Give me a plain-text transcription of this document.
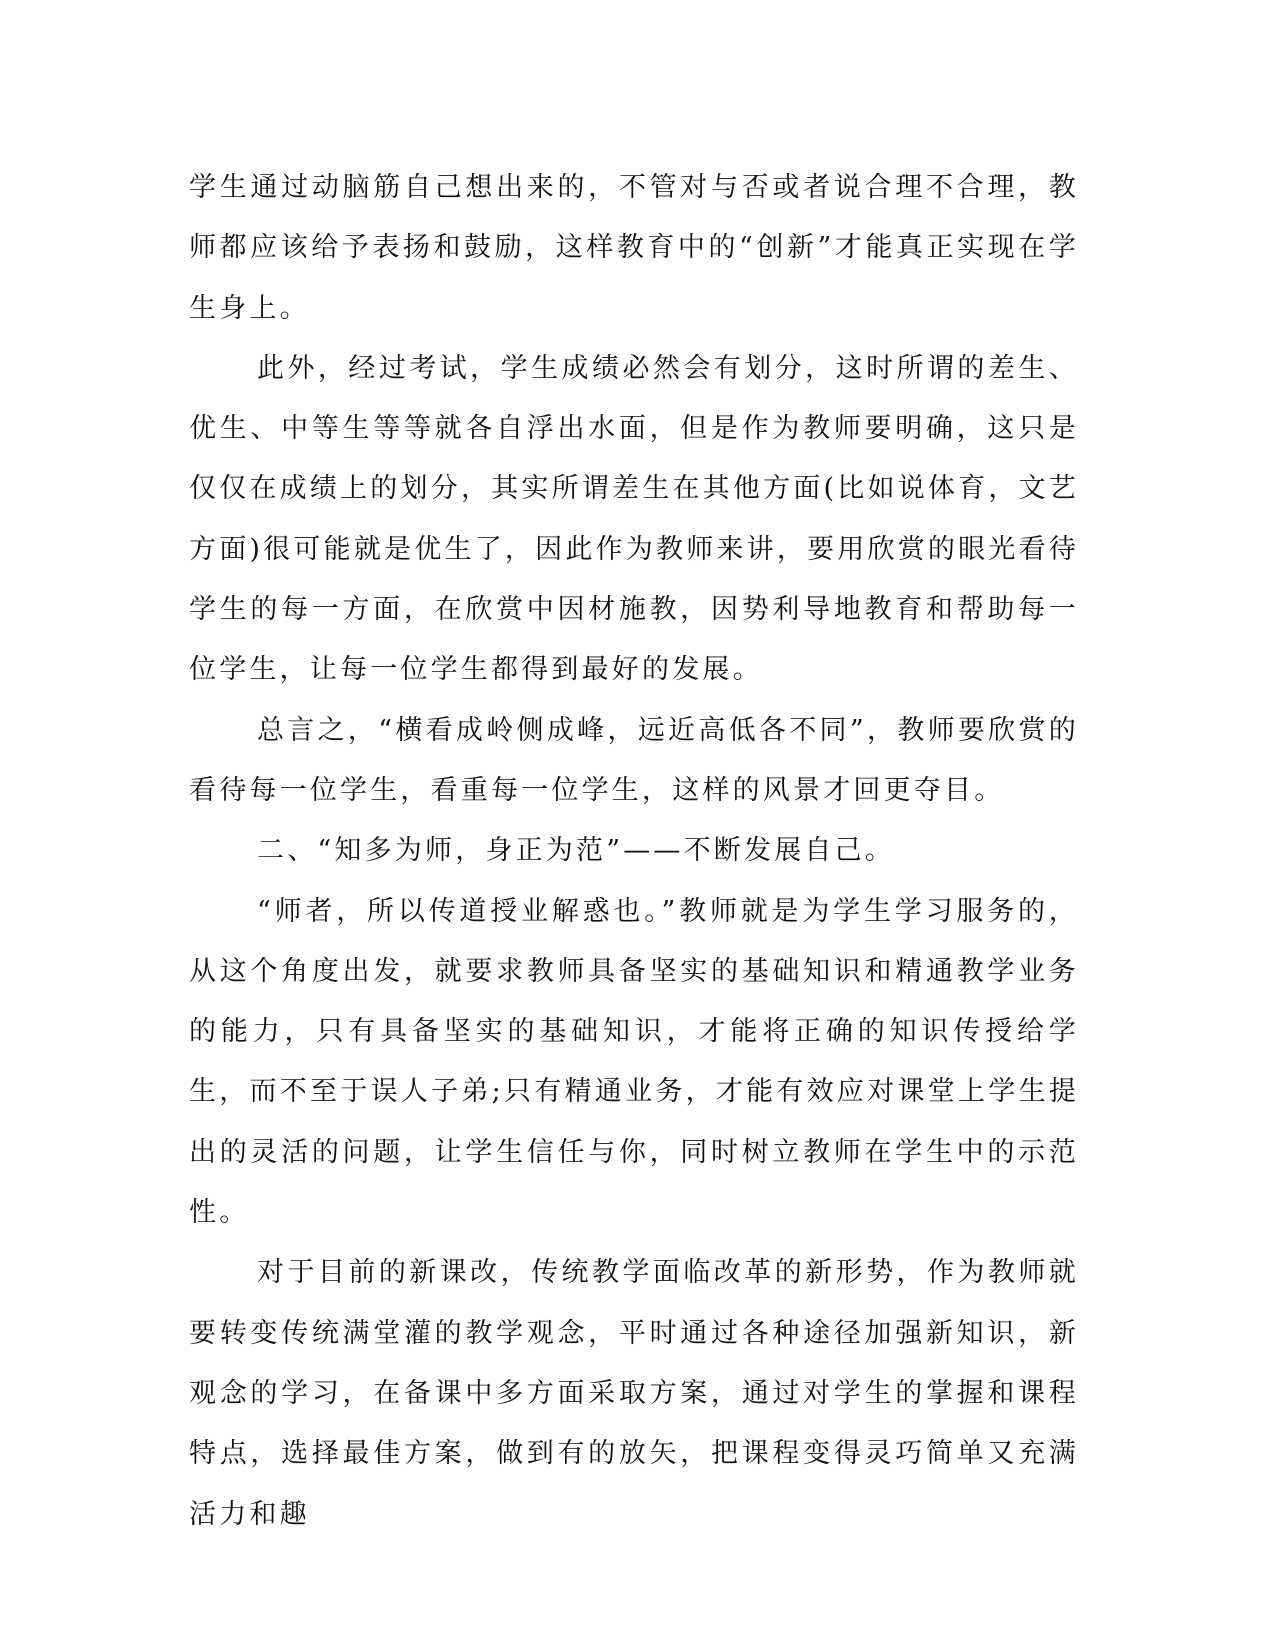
学生通过动脑筋自己想出来的，不管对与否或者说合理不合理，教师都应该给予表扬和鼓励，这样教育中的“创新”才能真正实现在学生身上。

此外，经过考试，学生成绩必然会有划分，这时所谓的差生、优生、中等生等等就各自浮出水面，但是作为教师要明确，这只是仅仅在成绩上的划分，其实所谓差生在其他方面(比如说体育，文艺方面)很可能就是优生了，因此作为教师来讲，要用欣赏的眼光看待学生的每一方面，在欣赏中因材施教，因势利导地教育和帮助每一位学生，让每一位学生都得到最好的发展。

总言之，“横看成岭侧成峰，远近高低各不同”，教师要欣赏的看待每一位学生，看重每一位学生，这样的风景才回更夺目。

二、“知多为师，身正为范”——不断发展自己。

“师者，所以传道授业解惑也。”教师就是为学生学习服务的，从这个角度出发，就要求教师具备坚实的基础知识和精通教学业务的能力，只有具备坚实的基础知识，才能将正确的知识传授给学生，而不至于误人子弟;只有精通业务，才能有效应对课堂上学生提出的灵活的问题，让学生信任与你，同时树立教师在学生中的示范性。

对于目前的新课改，传统教学面临改革的新形势，作为教师就要转变传统满堂灌的教学观念，平时通过各种途径加强新知识，新观念的学习，在备课中多方面采取方案，通过对学生的掌握和课程特点，选择最佳方案，做到有的放矢，把课程变得灵巧简单又充满活力和趣
